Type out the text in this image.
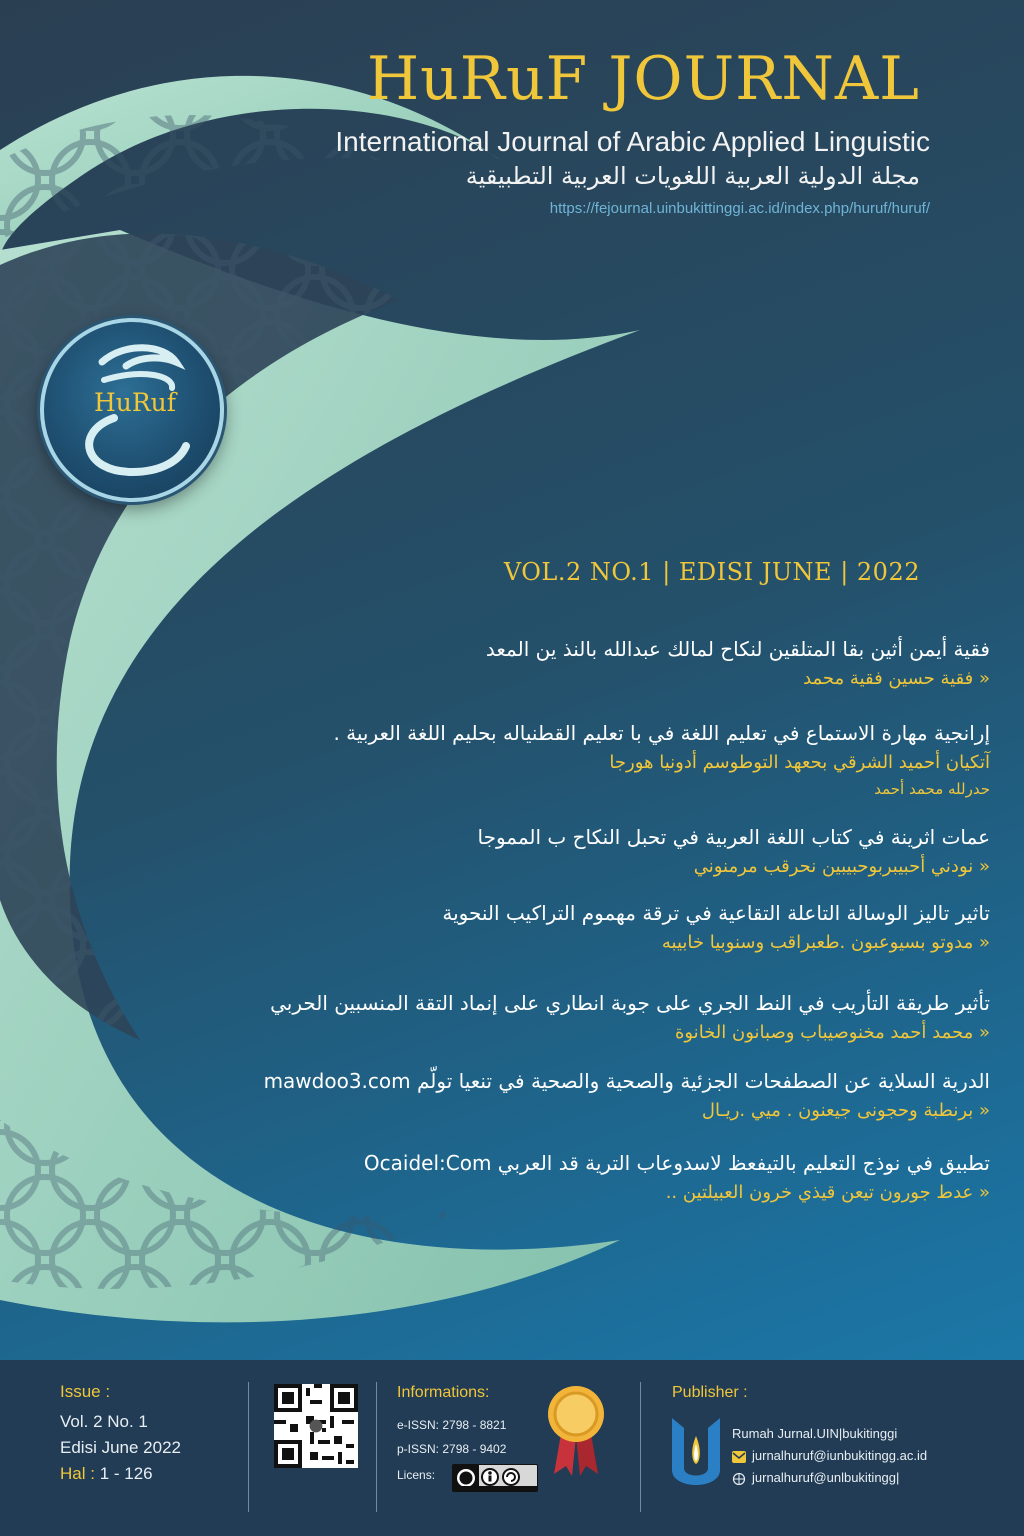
HuRuF JOURNAL
International Journal of Arabic Applied Linguistic
مجلة الدولية العربية اللغويات العربية التطبيقية
https://fejournal.uinbukittinggi.ac.id/index.php/huruf/huruf/
HuRuf
VOL.2 NO.1 | EDISI JUNE | 2022
فقية أيمن أثين بقا المتلقين لنكاح لمالك عبدالله بالنذ ين المعد
« فقية حسين فقية محمد
إرانجية مهارة الاستماع في تعليم اللغة في با تعليم القطنياله بحليم اللغة العربية .
آتكيان أحميد الشرقي بحعهد التوطوسم أدونيا هورجا
حدرلله محمد أحمد
عمات اثرينة في كتاب اللغة العربية في تحبل النكاح ب المموجا
« نودني أحبيبربوحبيبين نحرقب مرمنوني
تاثير تاليز الوسالة التاعلة التقاعية في ترقة مهموم التراكيب النحوية
« مدوتو بسيوعبون .طعبراقب وسنوبيا خابيبه
تأثير طريقة التأريب في النط الجري على جوبة انطاري على إنماد التقة المنسبين الحربي
« محمد أحمد مخنوصيباب وصبانون الخانوة
الدرية السلاية عن الصطفحات الجزئية والصحية والصحية في تنعيا تولّم mawdoo3.com
« برنطبة وحجونى جيعنون . ميي .ريـال
تطبيق في نوذج التعليم بالتيفعظ لاسدوعاب الترية قد العربي Ocaidel:Com
« عدط جورون تيعن قيذي خرون العبيلتين ..
Issue :
Vol. 2 No. 1
Edisi June 2022
Hal : 1 - 126
Informations:
e-ISSN: 2798 - 8821
p-ISSN: 2798 - 9402
Licens:
Publisher :
Rumah Jurnal.UIN|bukitinggi
jurnalhuruf@iunbukitingg.ac.id
jurnalhuruf@unlbukitingg|
